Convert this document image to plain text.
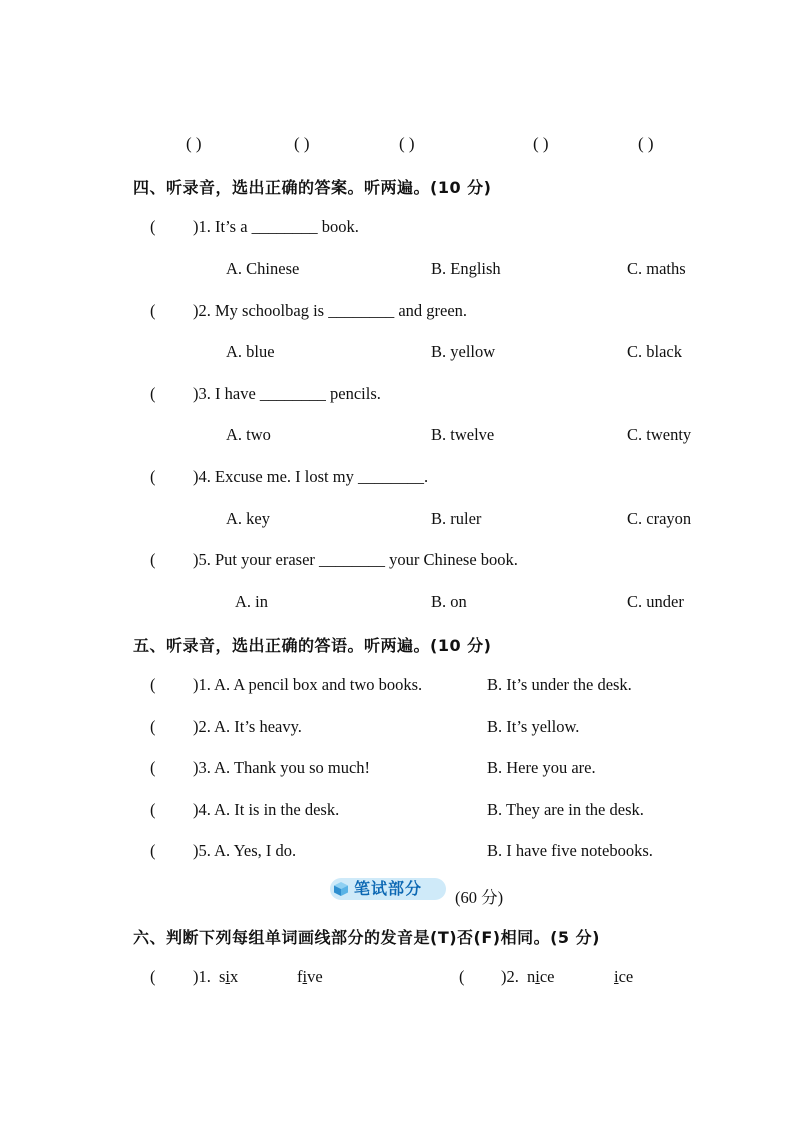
( )	( )	( )	( )	( )
四、听录音，选出正确的答案。听两遍。(10 分)
( )1. It’s a ________ book.
A. Chinese	B. English	C. maths
( )2. My schoolbag is ________ and green.
A. blue	B. yellow	C. black
( )3. I have ________ pencils.
A. two	B. twelve	C. twenty
( )4. Excuse me. I lost my ________.
A. key	B. ruler	C. crayon
( )5. Put your eraser ________ your Chinese book.
A. in	B. on	C. under
五、听录音，选出正确的答语。听两遍。(10 分)
( )1. A. A pencil box and two books.	B. It’s under the desk.
( )2. A. It’s heavy.	B. It’s yellow.
( )3. A. Thank you so much!	B. Here you are.
( )4. A. It is in the desk.	B. They are in the desk.
( )5. A. Yes, I do.	B. I have five notebooks.
笔试部分 (60 分)
六、判断下列每组单词画线部分的发音是(T)否(F)相同。(5 分)
( )1. six	five	( )2. nice	ice
